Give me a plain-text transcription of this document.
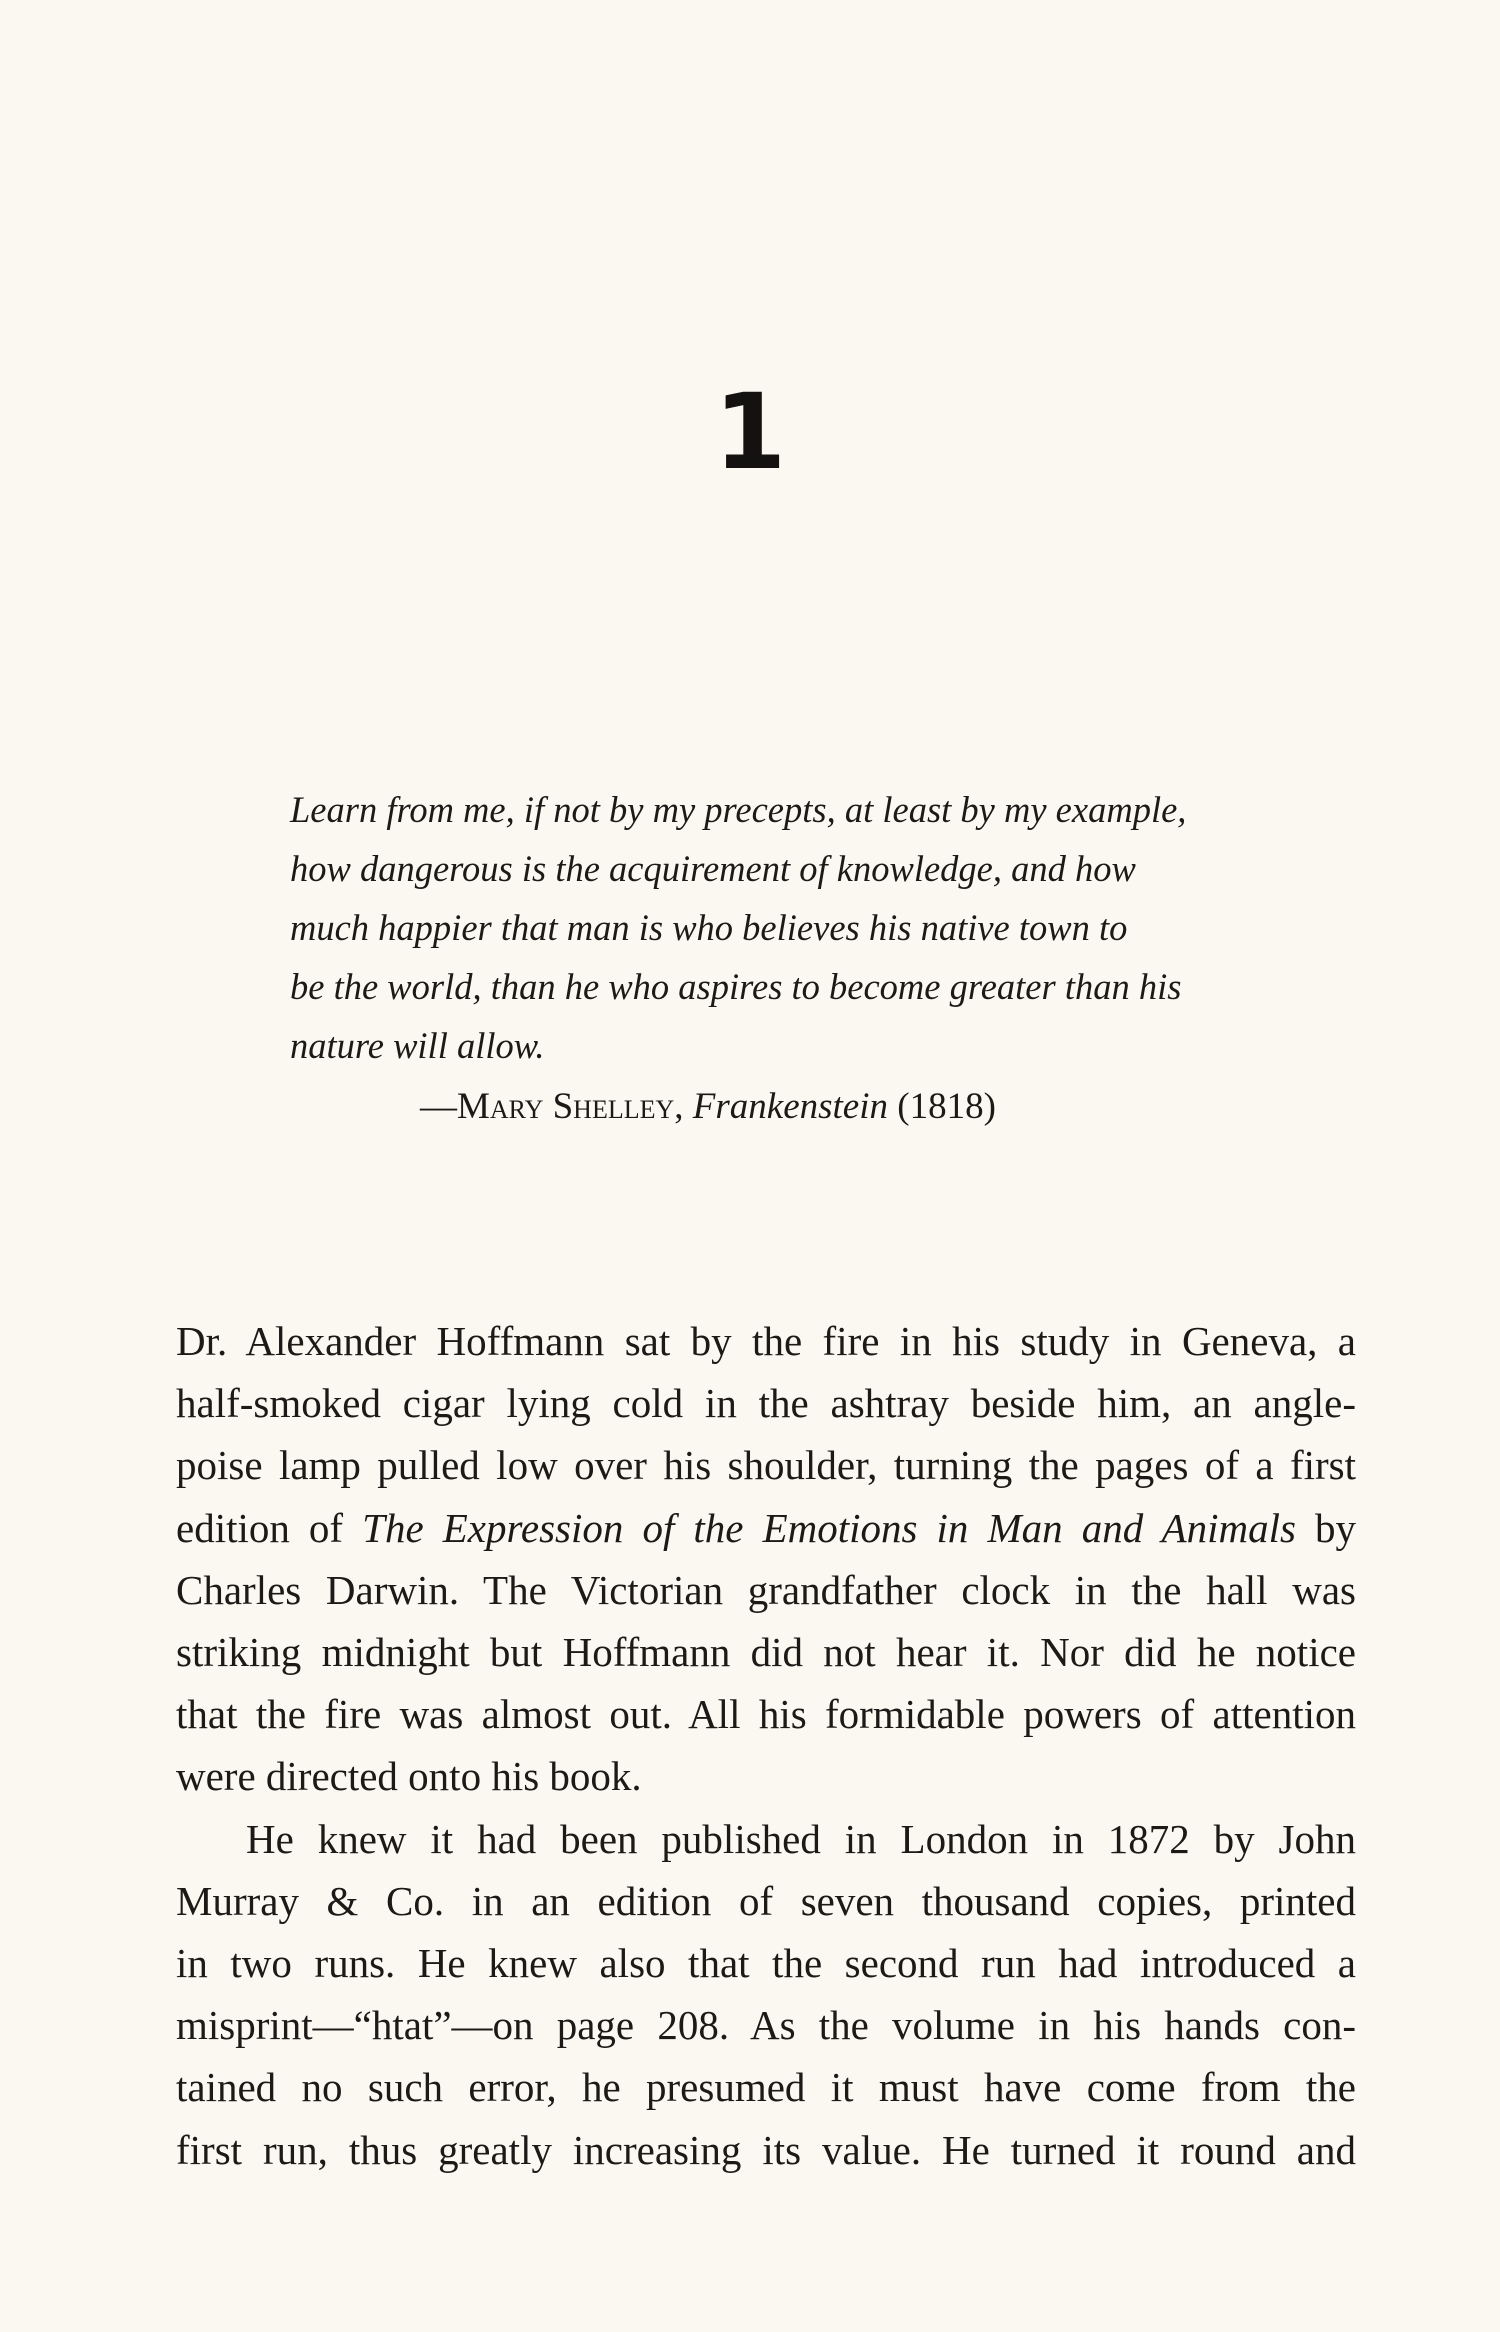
1
Learn from me, if not by my precepts, at least by my example,
how dangerous is the acquirement of knowledge, and how
much happier that man is who believes his native town to
be the world, than he who aspires to become greater than his
nature will allow.
—Mary Shelley, Frankenstein (1818)
Dr. Alexander Hoffmann sat by the fire in his study in Geneva, a
half-smoked cigar lying cold in the ashtray beside him, an angle-
poise lamp pulled low over his shoulder, turning the pages of a first
edition of The Expression of the Emotions in Man and Animals by
Charles Darwin. The Victorian grandfather clock in the hall was
striking midnight but Hoffmann did not hear it. Nor did he notice
that the fire was almost out. All his formidable powers of attention
were directed onto his book.
He knew it had been published in London in 1872 by John
Murray & Co. in an edition of seven thousand copies, printed
in two runs. He knew also that the second run had introduced a
misprint—“htat”—on page 208. As the volume in his hands con-
tained no such error, he presumed it must have come from the
first run, thus greatly increasing its value. He turned it round and
